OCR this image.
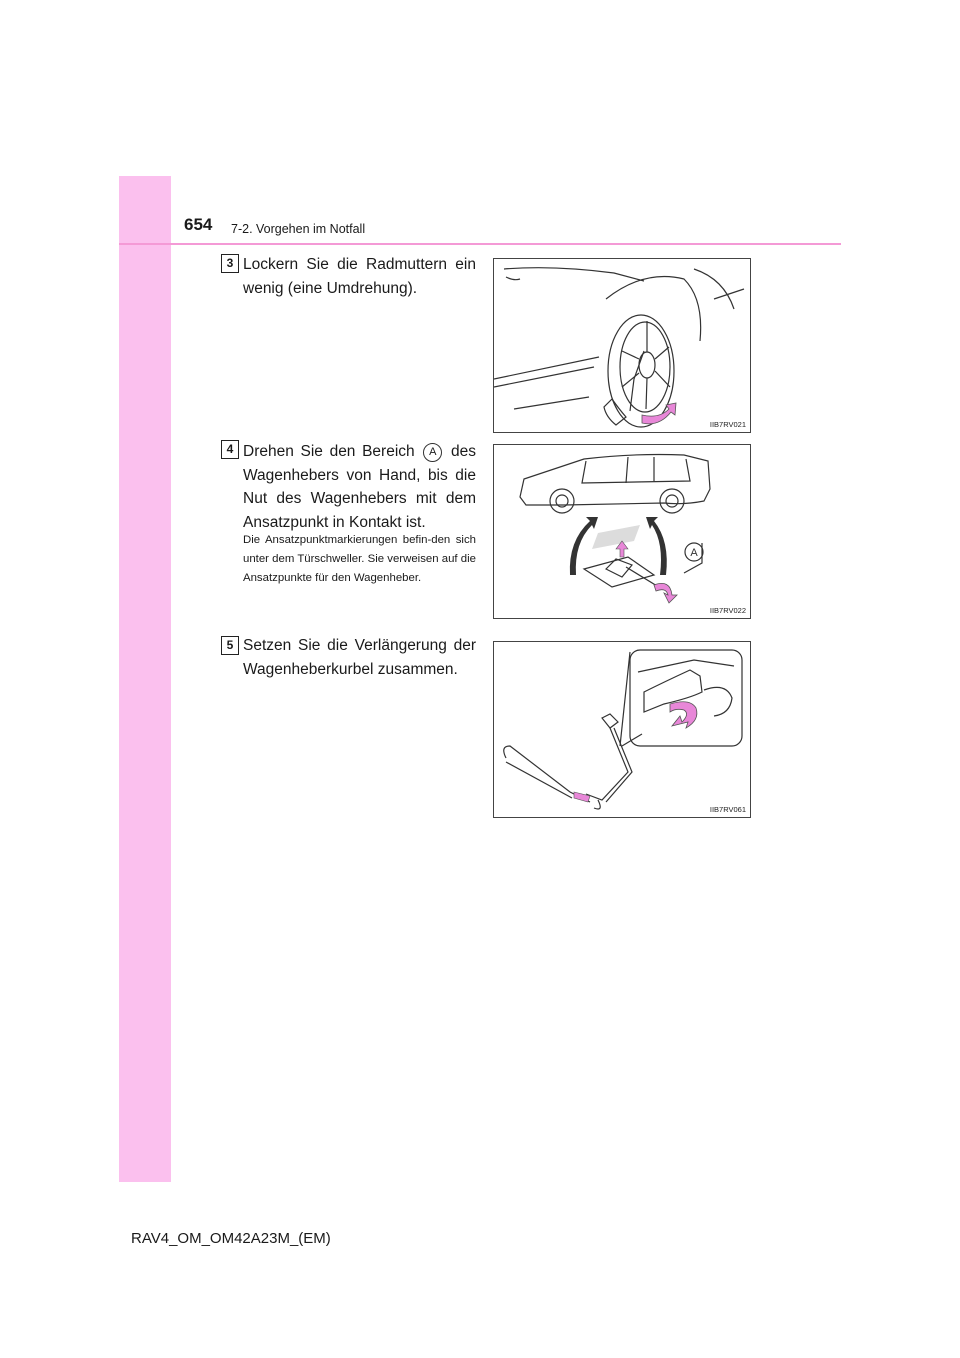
654 7-2. Vorgehen im Notfall
3 Lockern Sie die Radmuttern ein wenig (eine Umdrehung).
IIB7RV021
4 Drehen Sie den Bereich A des Wagenhebers von Hand, bis die Nut des Wagenhebers mit dem Ansatzpunkt in Kontakt ist.
Die Ansatzpunktmarkierungen befin-den sich unter dem Türschweller. Sie verweisen auf die Ansatzpunkte für den Wagenheber.
A
IIB7RV022
5 Setzen Sie die Verlängerung der Wagenheberkurbel zusammen.
IIB7RV061
RAV4_OM_OM42A23M_(EM)
